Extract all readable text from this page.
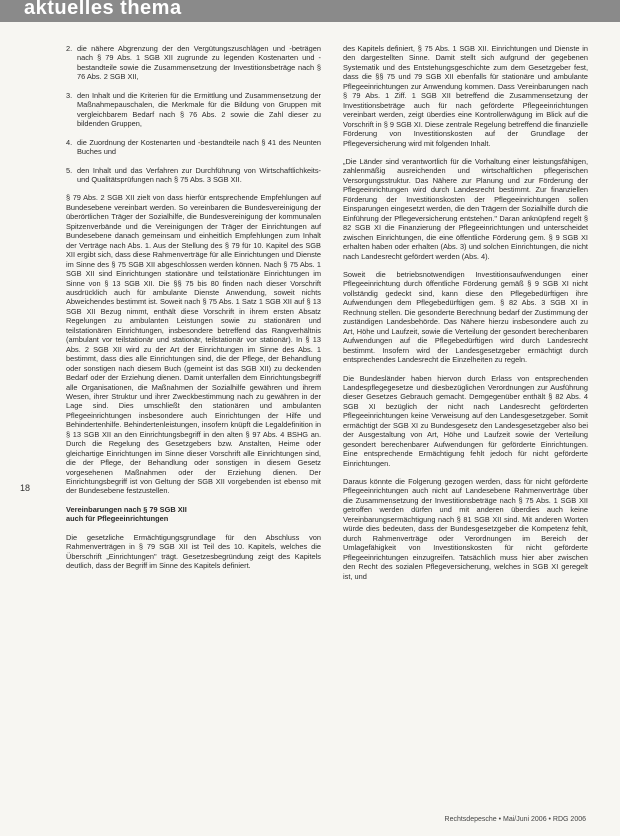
aktuelles thema
18
2. die nähere Abgrenzung der den Vergütungszuschlägen und -beträgen nach § 79 Abs. 1 SGB XII zugrunde zu legenden Kostenarten und -bestandteile sowie die Zusammensetzung der Investitionsbeträge nach § 76 Abs. 2 SGB XII,
3. den Inhalt und die Kriterien für die Ermittlung und Zusammensetzung der Maßnahmepauschalen, die Merkmale für die Bildung von Gruppen mit vergleichbarem Bedarf nach § 76 Abs. 2 sowie die Zahl dieser zu bildenden Gruppen,
4. die Zuordnung der Kostenarten und -bestandteile nach § 41 des Neunten Buches und
5. den Inhalt und das Verfahren zur Durchführung von Wirtschaftlichkeits- und Qualitätsprüfungen nach § 75 Abs. 3 SGB XII.

§ 79 Abs. 2 SGB XII zielt von dass hierfür entsprechende Empfehlungen auf Bundesebene vereinbart werden. So vereinbaren die Bundesvereinigung der überörtlichen Träger der Sozialhilfe, die Bundesvereinigung der kommunalen Spitzenverbände und die Vereinigungen der Träger der Einrichtungen auf Bundesebene danach gemeinsam und einheitlich Empfehlungen zum Inhalt der Verträge nach Abs. 1. Aus der Stellung des § 79 für 10. Kapitel des SGB XII ergibt sich, dass diese Rahmenverträge für alle Einrichtungen und Dienste im Sinne des § 75 SGB XII abgeschlossen werden können. Nach § 75 Abs. 1 SGB XII sind Einrichtungen stationäre und teilstationäre Einrichtungen im Sinne von § 13 SGB XII. Die §§ 75 bis 80 finden nach dieser Vorschrift ausdrücklich auch für ambulante Dienste Anwendung, soweit nichts Abweichendes bestimmt ist. Soweit nach § 75 Abs. 1 Satz 1 SGB XII auf § 13 SGB XII Bezug nimmt, enthält diese Vorschrift in ihrem ersten Absatz Regelungen zu ambulanten Leistungen sowie zu stationären und teilstationären Einrichtungen, insbesondere betreffend das Rangverhältnis (ambulant vor teilstationär und stationär, teilstationär vor stationär). In § 13 Abs. 2 SGB XII wird zu der Art der Einrichtungen im Sinne des Abs. 1 bestimmt, dass dies alle Einrichtungen sind, die der Pflege, der Behandlung oder sonstigen nach diesem Buch (gemeint ist das SGB XII) zu deckenden Bedarf oder der Erziehung dienen. Damit unterfallen dem Einrichtungsbegriff alle Organisationen, die Maßnahmen der Sozialhilfe gewähren und ihrem Wesen, ihrer Struktur und ihrer Zweckbestimmung nach zu gewähren in der Lage sind. Dies umschließt den stationären und ambulanten Pflegeeinrichtungen insbesondere auch Einrichtungen der Hilfe und Behindertenhilfe. Behindertenleistungen, insofern knüpft die Legaldefinition in § 13 SGB XII an den Einrichtungsbegriff in den alten § 97 Abs. 4 BSHG an. Durch die Regelung des Gesetzgebers bzw. Anstalten, Heime oder gleichartige Einrichtungen im Sinne dieser Vorschrift alle Einrichtungen sind, die der Pflege, der Behandlung oder sonstigen in diesem Gesetz vorgesehenen Maßnahmen oder der Erziehung dienen. Der Einrichtungsbegriff ist von Geltung der SGB XII vorgebenden ist ebenso mit der Bundesebene festzustellen.

Vereinbarungen nach § 79 SGB XII
auch für Pflegeeinrichtungen

Die gesetzliche Ermächtigungsgrundlage für den Abschluss von Rahmenverträgen in § 79 SGB XII ist Teil des 10. Kapitels, welches die Überschrift „Einrichtungen" trägt. Gesetzesbegründung zeigt des Kapitels deutlich, dass der Begriff im Sinne des Kapitels definiert.

des Kapitels definiert, § 75 Abs. 1 SGB XII. Einrichtungen und Dienste in den dargestellten Sinne. Damit stellt sich aufgrund der gegebenen Systematik und des Entstehungsgeschichte zum dem Gesetzgeber fest, dass die §§ 75 und 79 SGB XII ebenfalls für stationäre und ambulante Pflegeeinrichtungen zur Anwendung kommen. Dass Vereinbarungen nach § 79 Abs. 1 Ziff. 1 SGB XII betreffend die Zusammensetzung der Investitionsbeträge auch für nach geförderte Pflegeeinrichtungen vereinbart werden, zeigt überdies eine Kontrollerwägung im Blick auf die Vorschrift in § 9 SGB XI. Diese zentrale Regelung betreffend die finanzielle Förderung von Investitionskosten auf der Grundlage der Pflegeversicherung wird mit folgenden Inhalt.

„Die Länder sind verantwortlich für die Vorhaltung einer leistungsfähigen, zahlenmäßig ausreichenden und wirtschaftlichen pflegerischen Versorgungsstruktur. Das Nähere zur Planung und zur Förderung der Pflegeeinrichtungen wird durch Landesrecht bestimmt. Zur finanziellen Förderung der Investitionskosten der Pflegeeinrichtungen sollen Einsparungen eingesetzt werden, die den Trägern der Sozialhilfe durch die Einführung der Pflegeversicherung entstehen." Daran anknüpfend regelt § 82 SGB XI die Finanzierung der Pflegeeinrichtungen und unterscheidet zwischen Einrichtungen, die eine öffentliche Förderung gem. § 9 SGB XI erhalten haben oder erhalten (Abs. 3) und solchen Einrichtungen, die nicht nach Landesrecht gefördert werden (Abs. 4).

Soweit die betriebsnotwendigen Investitionsaufwendungen einer Pflegeeinrichtung durch öffentliche Förderung gemäß § 9 SGB XI nicht vollständig gedeckt sind, kann diese den Pflegebedürftigen ihre Aufwendungen dem Pflegebedürftigen gem. § 82 Abs. 3 SGB XI in Rechnung stellen. Die gesonderte Berechnung bedarf der Zustimmung der zuständigen Landesbehörde. Das Nähere hierzu insbesondere auch zu Art, Höhe und Laufzeit, sowie die Verteilung der gesondert berechenbaren Aufwendungen auf die Pflegebedürftigen wird durch Landesrecht bestimmt. Insofern wird der Landesgesetzgeber ermächtigt durch entsprechendes Landesrecht die Einzelheiten zu regeln.

Die Bundesländer haben hiervon durch Erlass von entsprechenden Landespflegegesetze und diesbezüglichen Verordnungen zur Ausführung dieser Gesetzes Gebrauch gemacht. Demgegenüber enthält § 82 Abs. 4 SGB XI bezüglich der nicht nach Landesrecht geförderten Pflegeeinrichtungen keine Verweisung auf den Landesgesetzgeber. Somit ermächtigt der SGB XI zu Bundesgesetz den Landesgesetzgeber also bei der Ausgestaltung von Art, Höhe und Laufzeit sowie der Verteilung gesondert berechenbarer Aufwendungen für geförderte Einrichtungen. Eine entsprechende Ermächtigung fehlt jedoch für nicht geförderte Einrichtungen.

Daraus könnte die Folgerung gezogen werden, dass für nicht geförderte Pflegeeinrichtungen auch nicht auf Landesebene Rahmenverträge über die Zusammensetzung der Investitionsbeträge nach § 75 Abs. 1 SGB XII getroffen werden dürfen und mit anderen überdies auch keine Vereinbarungsermächtigung nach § 81 SGB XII sind. Mit anderen Worten würde dies bedeuten, dass der Bundesgesetzgeber die Kompetenz fehlt, durch Rahmenverträge oder Verordnungen im Bereich der Umlagefähigkeit von Investitionskosten für nicht geförderte Pflegeeinrichtungen einzugreifen. Tatsächlich muss hier aber zwischen den Recht des sozialen Pflegeversicherung, welches in SGB XI geregelt ist, und

Rechtsdepesche • Mai/Juni 2006 • RDG 2006
